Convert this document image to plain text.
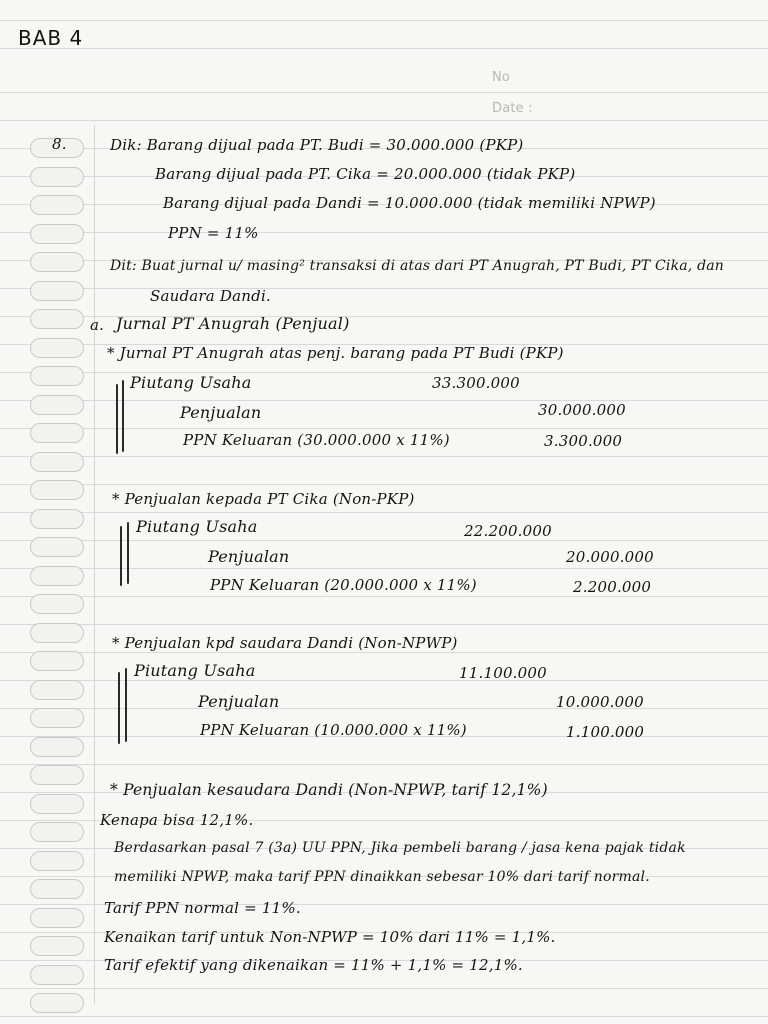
BAB 4
No
Date :
8.	Dik: Barang dijual pada PT. Budi = 30.000.000 (PKP)
Barang dijual pada PT. Cika = 20.000.000 (tidak PKP)
Barang dijual pada Dandi = 10.000.000 (tidak memiliki NPWP)
PPN = 11%
Dit: Buat jurnal u/ masing² transaksi di atas dari PT Anugrah, PT Budi, PT Cika, dan
Saudara Dandi.
a. Jurnal PT Anugrah (Penjual)
* Jurnal PT Anugrah atas penj. barang pada PT Budi (PKP)
Piutang Usaha	33.300.000
Penjualan	30.000.000
PPN Keluaran (30.000.000 x 11%)	3.300.000
* Penjualan kepada PT Cika (Non-PKP)
Piutang Usaha	22.200.000
Penjualan	20.000.000
PPN Keluaran (20.000.000 x 11%)	2.200.000
* Penjualan kpd saudara Dandi (Non-NPWP)
Piutang Usaha	11.100.000
Penjualan	10.000.000
PPN Keluaran (10.000.000 x 11%)	1.100.000
* Penjualan kesaudara Dandi (Non-NPWP, tarif 12,1%)
Kenapa bisa 12,1%.
Berdasarkan pasal 7 (3a) UU PPN, Jika pembeli barang / jasa kena pajak tidak
memiliki NPWP, maka tarif PPN dinaikkan sebesar 10% dari tarif normal.
Tarif PPN normal = 11%.
Kenaikan tarif untuk Non-NPWP = 10% dari 11% = 1,1%.
Tarif efektif yang dikenaikan = 11% + 1,1% = 12,1%.
